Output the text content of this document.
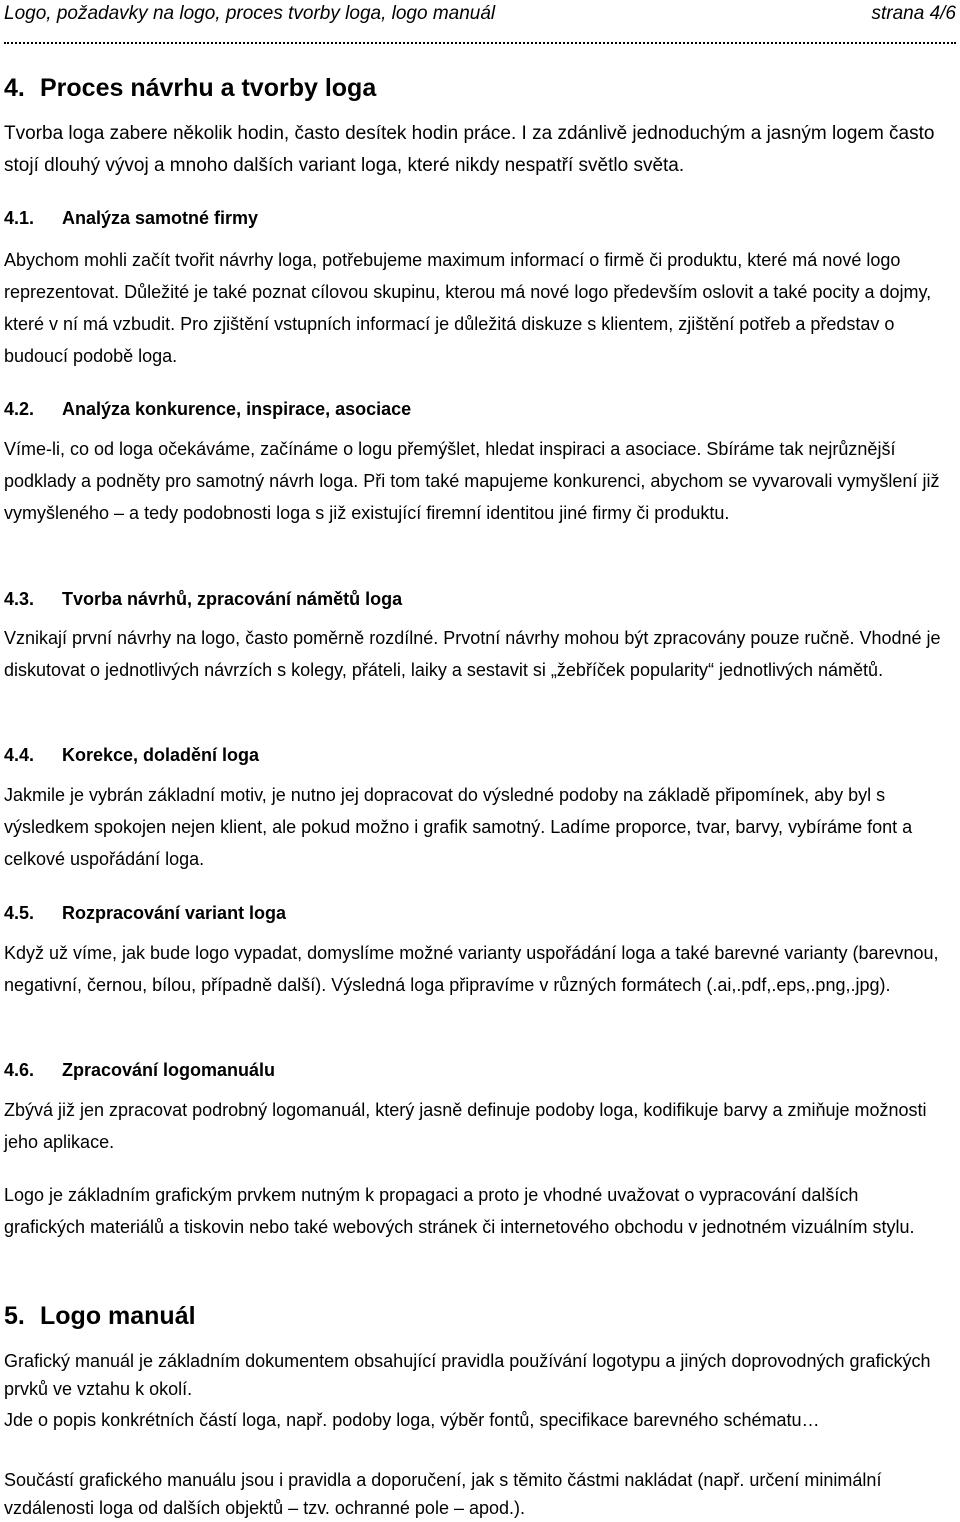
Logo, požadavky na logo, proces tvorby loga, logo manuál	strana 4/6
4. Proces návrhu a tvorby loga
Tvorba loga zabere několik hodin, často desítek hodin práce. I za zdánlivě jednoduchým a jasným logem často stojí dlouhý vývoj a mnoho dalších variant loga, které nikdy nespatří světlo světa.
4.1. Analýza samotné firmy
Abychom mohli začít tvořit návrhy loga, potřebujeme maximum informací o firmě či produktu, které má nové logo reprezentovat. Důležité je také poznat cílovou skupinu, kterou má nové logo především oslovit a také pocity a dojmy, které v ní má vzbudit. Pro zjištění vstupních informací je důležitá diskuze s klientem, zjištění potřeb a představ o budoucí podobě loga.
4.2. Analýza konkurence, inspirace, asociace
Víme-li, co od loga očekáváme, začínáme o logu přemýšlet, hledat inspiraci a asociace. Sbíráme tak nejrůznější podklady a podněty pro samotný návrh loga. Při tom také mapujeme konkurenci, abychom se vyvarovali vymyšlení již vymyšleného – a tedy podobnosti loga s již existující firemní identitou jiné firmy či produktu.
4.3. Tvorba návrhů, zpracování námětů loga
Vznikají první návrhy na logo, často poměrně rozdílné. Prvotní návrhy mohou být zpracovány pouze ručně. Vhodné je diskutovat o jednotlivých návrzích s kolegy, přáteli, laiky a sestavit si „žebříček popularity“ jednotlivých námětů.
4.4. Korekce, doladění loga
Jakmile je vybrán základní motiv, je nutno jej dopracovat do výsledné podoby na základě připomínek, aby byl s výsledkem spokojen nejen klient, ale pokud možno i grafik samotný. Ladíme proporce, tvar, barvy, vybíráme font a celkové uspořádání loga.
4.5. Rozpracování variant loga
Když už víme, jak bude logo vypadat, domyslíme možné varianty uspořádání loga a také barevné varianty (barevnou, negativní, černou, bílou, případně další). Výsledná loga připravíme v různých formátech (.ai,.pdf,.eps,.png,.jpg).
4.6. Zpracování logomanuálu
Zbývá již jen zpracovat podrobný logomanuál, který jasně definuje podoby loga, kodifikuje barvy a zmiňuje možnosti jeho aplikace.
Logo je základním grafickým prvkem nutným k propagaci a proto je vhodné uvažovat o vypracování dalších grafických materiálů a tiskovin nebo také webových stránek či internetového obchodu v jednotném vizuálním stylu.
5. Logo manuál
Grafický manuál je základním dokumentem obsahující pravidla používání logotypu a jiných doprovodných grafických prvků ve vztahu k okolí.
Jde o popis konkrétních částí loga, např. podoby loga, výběr fontů, specifikace barevného schématu…
Součástí grafického manuálu jsou i pravidla a doporučení, jak s těmito částmi nakládat (např. určení minimální vzdálenosti loga od dalších objektů – tzv. ochranné pole – apod.).
